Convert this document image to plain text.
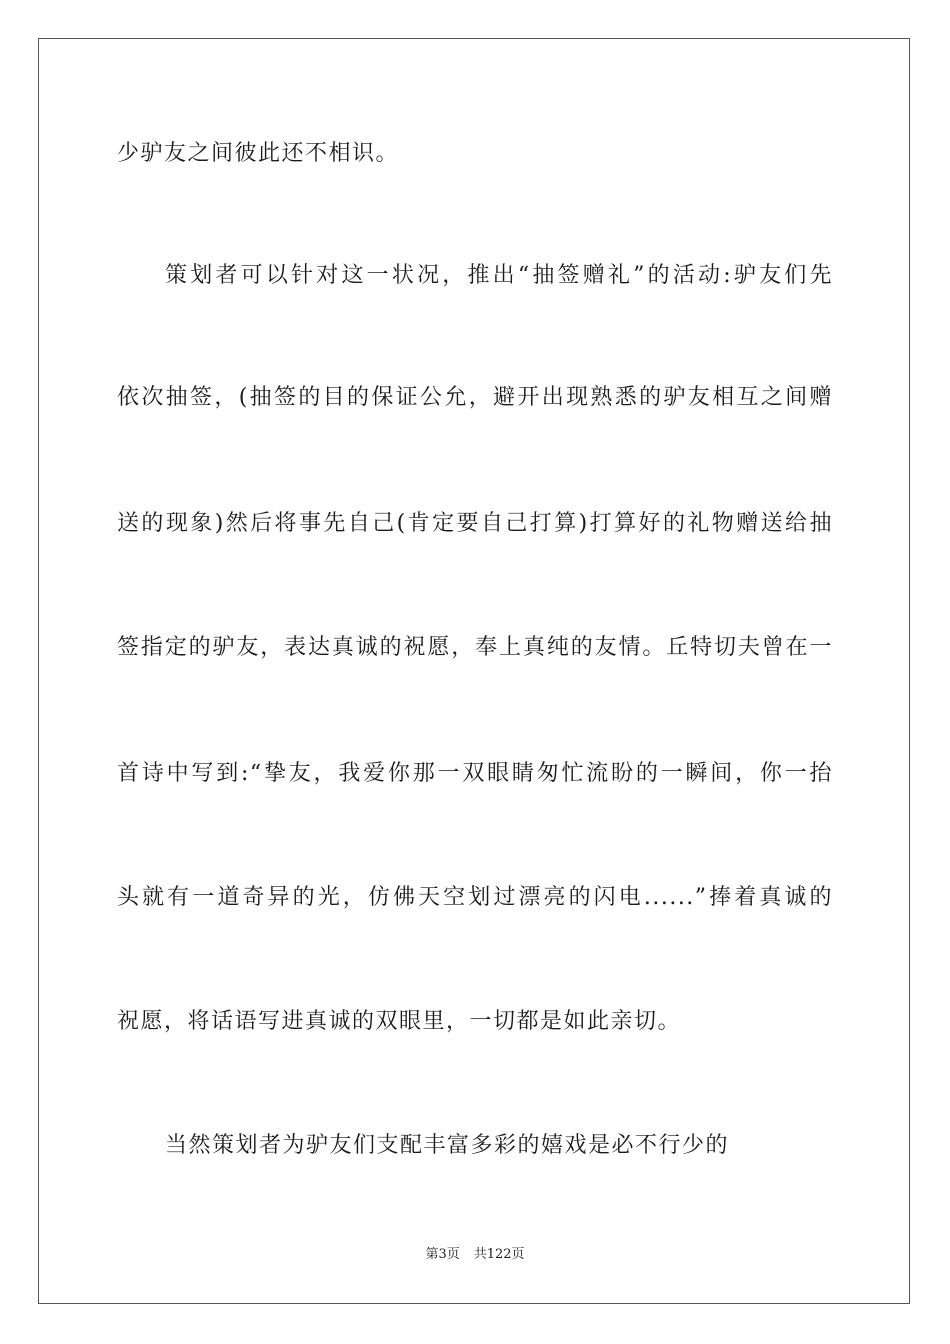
少驴友之间彼此还不相识。
策划者可以针对这一状况，推出“抽签赠礼”的活动:驴友们先
依次抽签，(抽签的目的保证公允，避开出现熟悉的驴友相互之间赠
送的现象)然后将事先自己(肯定要自己打算)打算好的礼物赠送给抽
签指定的驴友，表达真诚的祝愿，奉上真纯的友情。丘特切夫曾在一
首诗中写到:“挚友，我爱你那一双眼睛匆忙流盼的一瞬间，你一抬
头就有一道奇异的光，仿佛天空划过漂亮的闪电......”捧着真诚的
祝愿，将话语写进真诚的双眼里，一切都是如此亲切。
当然策划者为驴友们支配丰富多彩的嬉戏是必不行少的
第3页 共122页
